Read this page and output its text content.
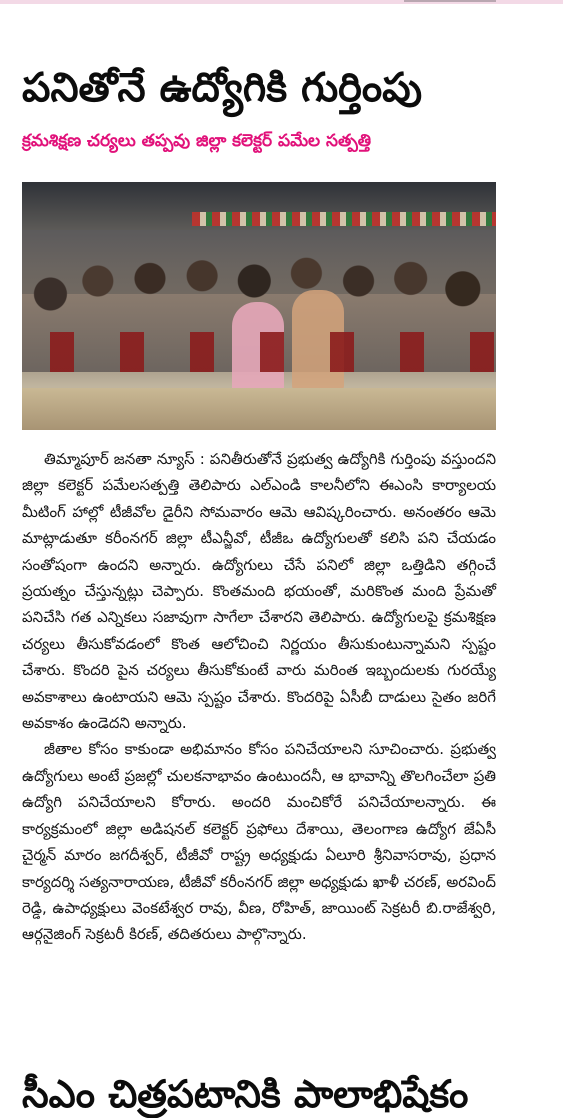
పనితోనే ఉద్యోగికి గుర్తింపు
క్రమశిక్షణ చర్యలు తప్పవు జిల్లా కలెక్టర్ పమేల సత్పత్తి

తిమ్మాపూర్ జనతా న్యూస్ : పనితీరుతోనే ప్రభుత్వ ఉద్యోగికి గుర్తింపు వస్తుందని జిల్లా కలెక్టర్ పమేలసత్పత్తి తెలిపారు ఎల్ఎండి కాలనీలోని ఈఎంసి కార్యాలయ మీటింగ్ హాల్లో టీజీవోల డైరీని సోమవారం ఆమె ఆవిష్కరించారు. అనంతరం ఆమె మాట్లాడుతూ కరీంనగర్ జిల్లా టీఎన్జీవో, టీజీఒ ఉద్యోగులతో కలిసి పని చేయడం సంతోషంగా ఉందని అన్నారు. ఉద్యోగులు చేసే పనిలో జిల్లా ఒత్తిడిని తగ్గించే ప్రయత్నం చేస్తున్నట్లు చెప్పారు. కొంతమంది భయంతో, మరికొంత మంది ప్రేమతో పనిచేసి గత ఎన్నికలు సజావుగా సాగేలా చేశారని తెలిపారు. ఉద్యోగులపై క్రమశిక్షణ చర్యలు తీసుకోవడంలో కొంత ఆలోచించి నిర్ణయం తీసుకుంటున్నామని స్పష్టం చేశారు. కొందరి పైన చర్యలు తీసుకోకుంటే వారు మరింత ఇబ్బందులకు గురయ్యే అవకాశాలు ఉంటాయని ఆమె స్పష్టం చేశారు. కొందరిపై ఏసీబీ దాడులు సైతం జరిగే అవకాశం ఉండెదని అన్నారు.

జీతాల కోసం కాకుండా అభిమానం కోసం పనిచేయాలని సూచించారు. ప్రభుత్వ ఉద్యోగులు అంటే ప్రజల్లో చులకనాభావం ఉంటుందనీ, ఆ భావాన్ని తొలగించేలా ప్రతి ఉద్యోగి పనిచేయాలని కోరారు. అందరి మంచికోరే పనిచేయాలన్నారు. ఈ కార్యక్రమంలో జిల్లా అడిషనల్ కలెక్టర్ ప్రఫోలు దేశాయి, తెలంగాణ ఉద్యోగ జేఏసీ చైర్మన్ మారం జగదీశ్వర్, టీజీవో రాష్ట్ర అధ్యక్షుడు ఏలూరి శ్రీనివాసరావు, ప్రధాన కార్యదర్శి సత్యనారాయణ, టీజీవో కరీంనగర్ జిల్లా అధ్యక్షుడు ఖాళీ చరణ్, అరవింద్ రెడ్డి, ఉపాధ్యక్షులు వెంకటేశ్వర రావు, వీణ, రోహిత్, జాయింట్ సెక్రటరీ బి.రాజేశ్వరి, ఆర్గనైజింగ్ సెక్రటరీ కిరణ్, తదితరులు పాల్గొన్నారు.

సీఎం చిత్రపటానికి పాలాభిషేకం
